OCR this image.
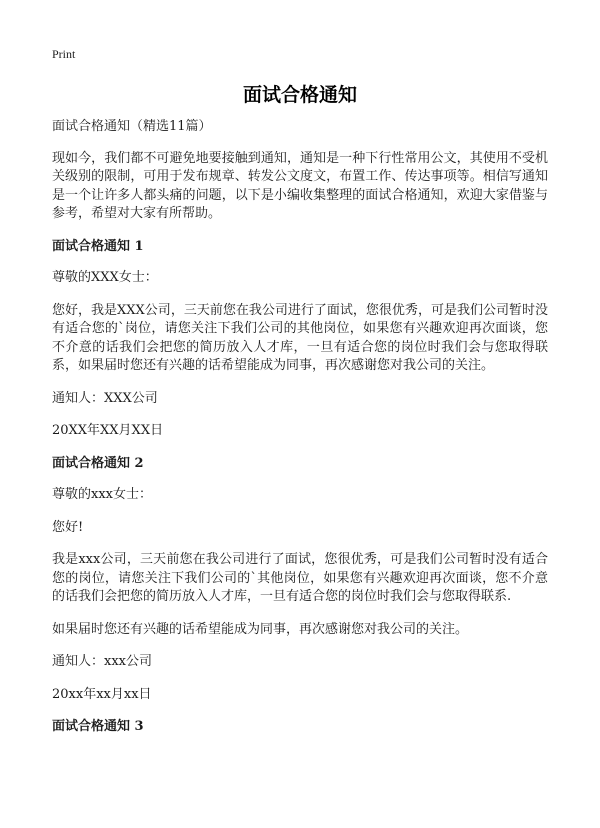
Print
面试合格通知

面试合格通知（精选11篇）

现如今，我们都不可避免地要接触到通知，通知是一种下行性常用公文，其使用不受机关级别的限制，可用于发布规章、转发公文度文，布置工作、传达事项等。相信写通知是一个让许多人都头痛的问题，以下是小编收集整理的面试合格通知，欢迎大家借鉴与参考，希望对大家有所帮助。

面试合格通知 1

尊敬的XXX女士：

您好，我是XXX公司，三天前您在我公司进行了面试，您很优秀，可是我们公司暂时没有适合您的`岗位，请您关注下我们公司的其他岗位，如果您有兴趣欢迎再次面谈，您不介意的话我们会把您的简历放入人才库，一旦有适合您的岗位时我们会与您取得联系，如果届时您还有兴趣的话希望能成为同事，再次感谢您对我公司的关注。

通知人：XXX公司

20XX年XX月XX日

面试合格通知 2

尊敬的xxx女士：

您好!

我是xxx公司，三天前您在我公司进行了面试，您很优秀，可是我们公司暂时没有适合您的岗位，请您关注下我们公司的`其他岗位，如果您有兴趣欢迎再次面谈，您不介意的话我们会把您的简历放入人才库，一旦有适合您的岗位时我们会与您取得联系.

如果届时您还有兴趣的话希望能成为同事，再次感谢您对我公司的关注。

通知人：xxx公司

20xx年xx月xx日

面试合格通知 3
